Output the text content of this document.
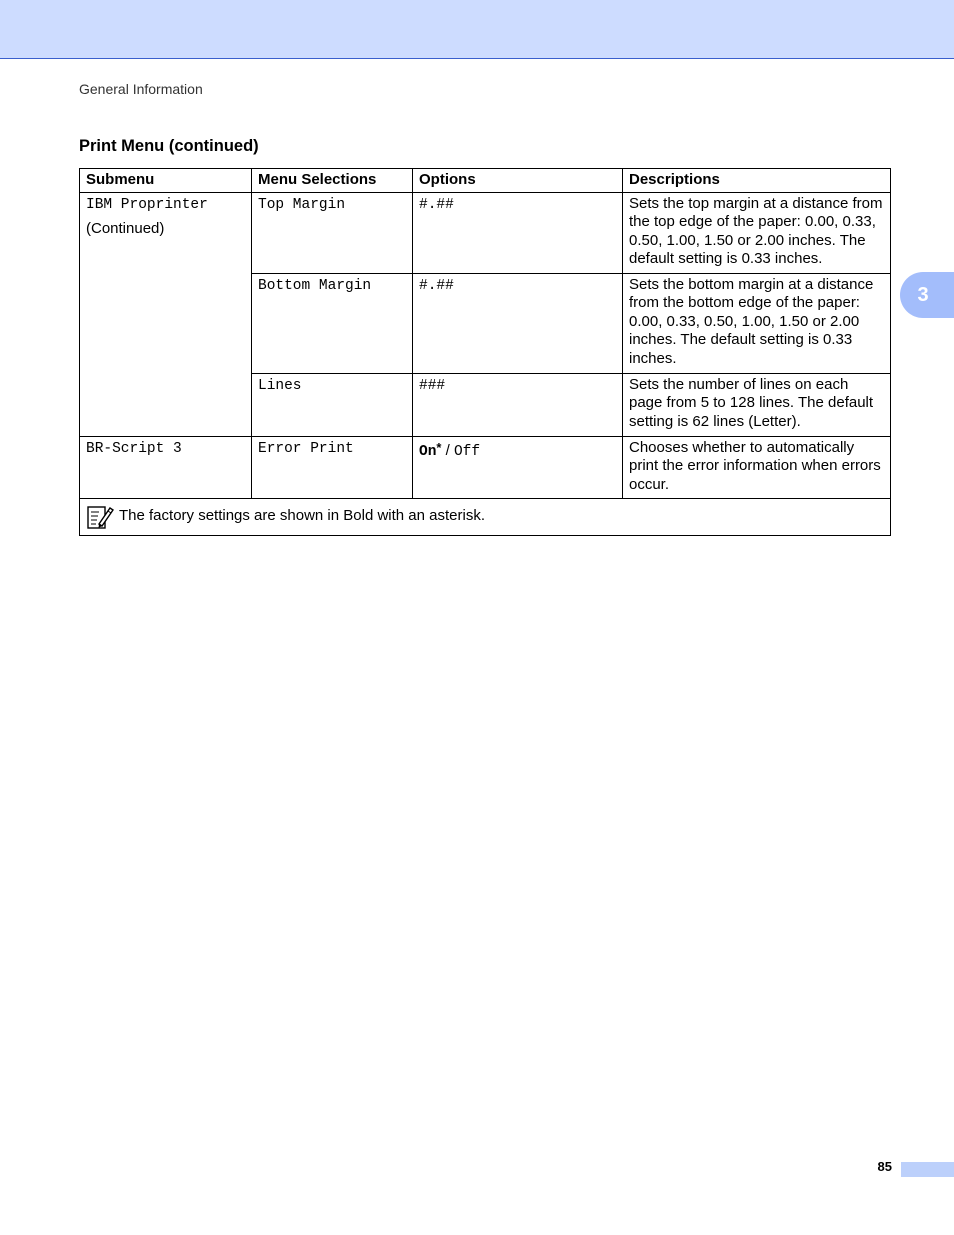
General Information
3
Print Menu (continued)
Submenu	Menu Selections	Options	Descriptions
IBM Proprinter
(Continued)	Top Margin	#.##	Sets the top margin at a distance from the top edge of the paper: 0.00, 0.33, 0.50, 1.00, 1.50 or 2.00 inches. The default setting is 0.33 inches.
	Bottom Margin	#.##	Sets the bottom margin at a distance from the bottom edge of the paper: 0.00, 0.33, 0.50, 1.00, 1.50 or 2.00 inches. The default setting is 0.33 inches.
	Lines	###	Sets the number of lines on each page from 5 to 128 lines. The default setting is 62 lines (Letter).
BR-Script 3	Error Print	On* / Off	Chooses whether to automatically print the error information when errors occur.

The factory settings are shown in Bold with an asterisk.			
85
